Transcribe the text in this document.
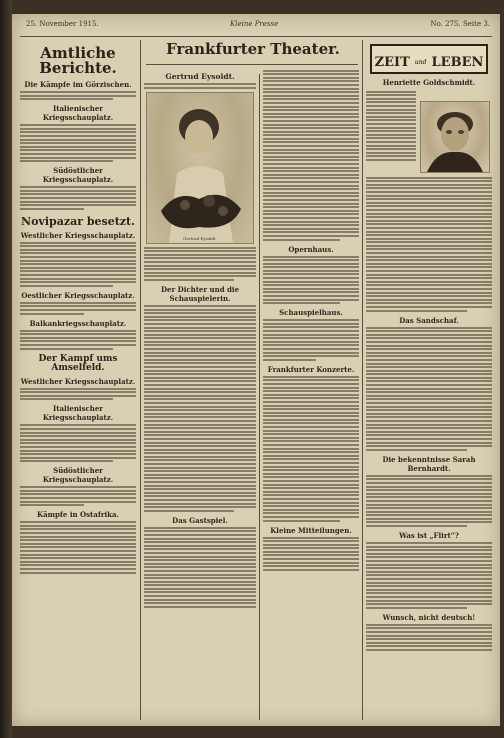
25. November 1915.	Kleine Presse	No. 275. Seite 3.
Amtliche Berichte.
Die Kämpfe im Görzischen.
Italienischer Kriegsschauplatz.
Südöstlicher Kriegsschauplatz.
Novipazar besetzt.
Westlicher Kriegsschauplatz.
Oestlicher Kriegsschauplatz.
Balkankriegsschauplatz.
Der Kampf ums Amselfeld.
Westlicher Kriegsschauplatz.
Italienischer Kriegsschauplatz.
Südöstlicher Kriegsschauplatz.
Kämpfe in Ostafrika.
Frankfurter Theater.
Gertrud Eysoldt.
Gertrud Eysoldt.
Der Dichter und die Schauspielerin.
Das Gastspiel.
Opernhaus.
Schauspielhaus.
Frankfurter Konzerte.
Kleine Mitteilungen.
$_{ZEIT}$ und $_{LEBEN}$
Henriette Goldschmidt.
Das Sandschaf.
Die bekenntnisse Sarah Bernhardt.
Was ist „Flirt“?
Wunsch, nicht deutsch!
